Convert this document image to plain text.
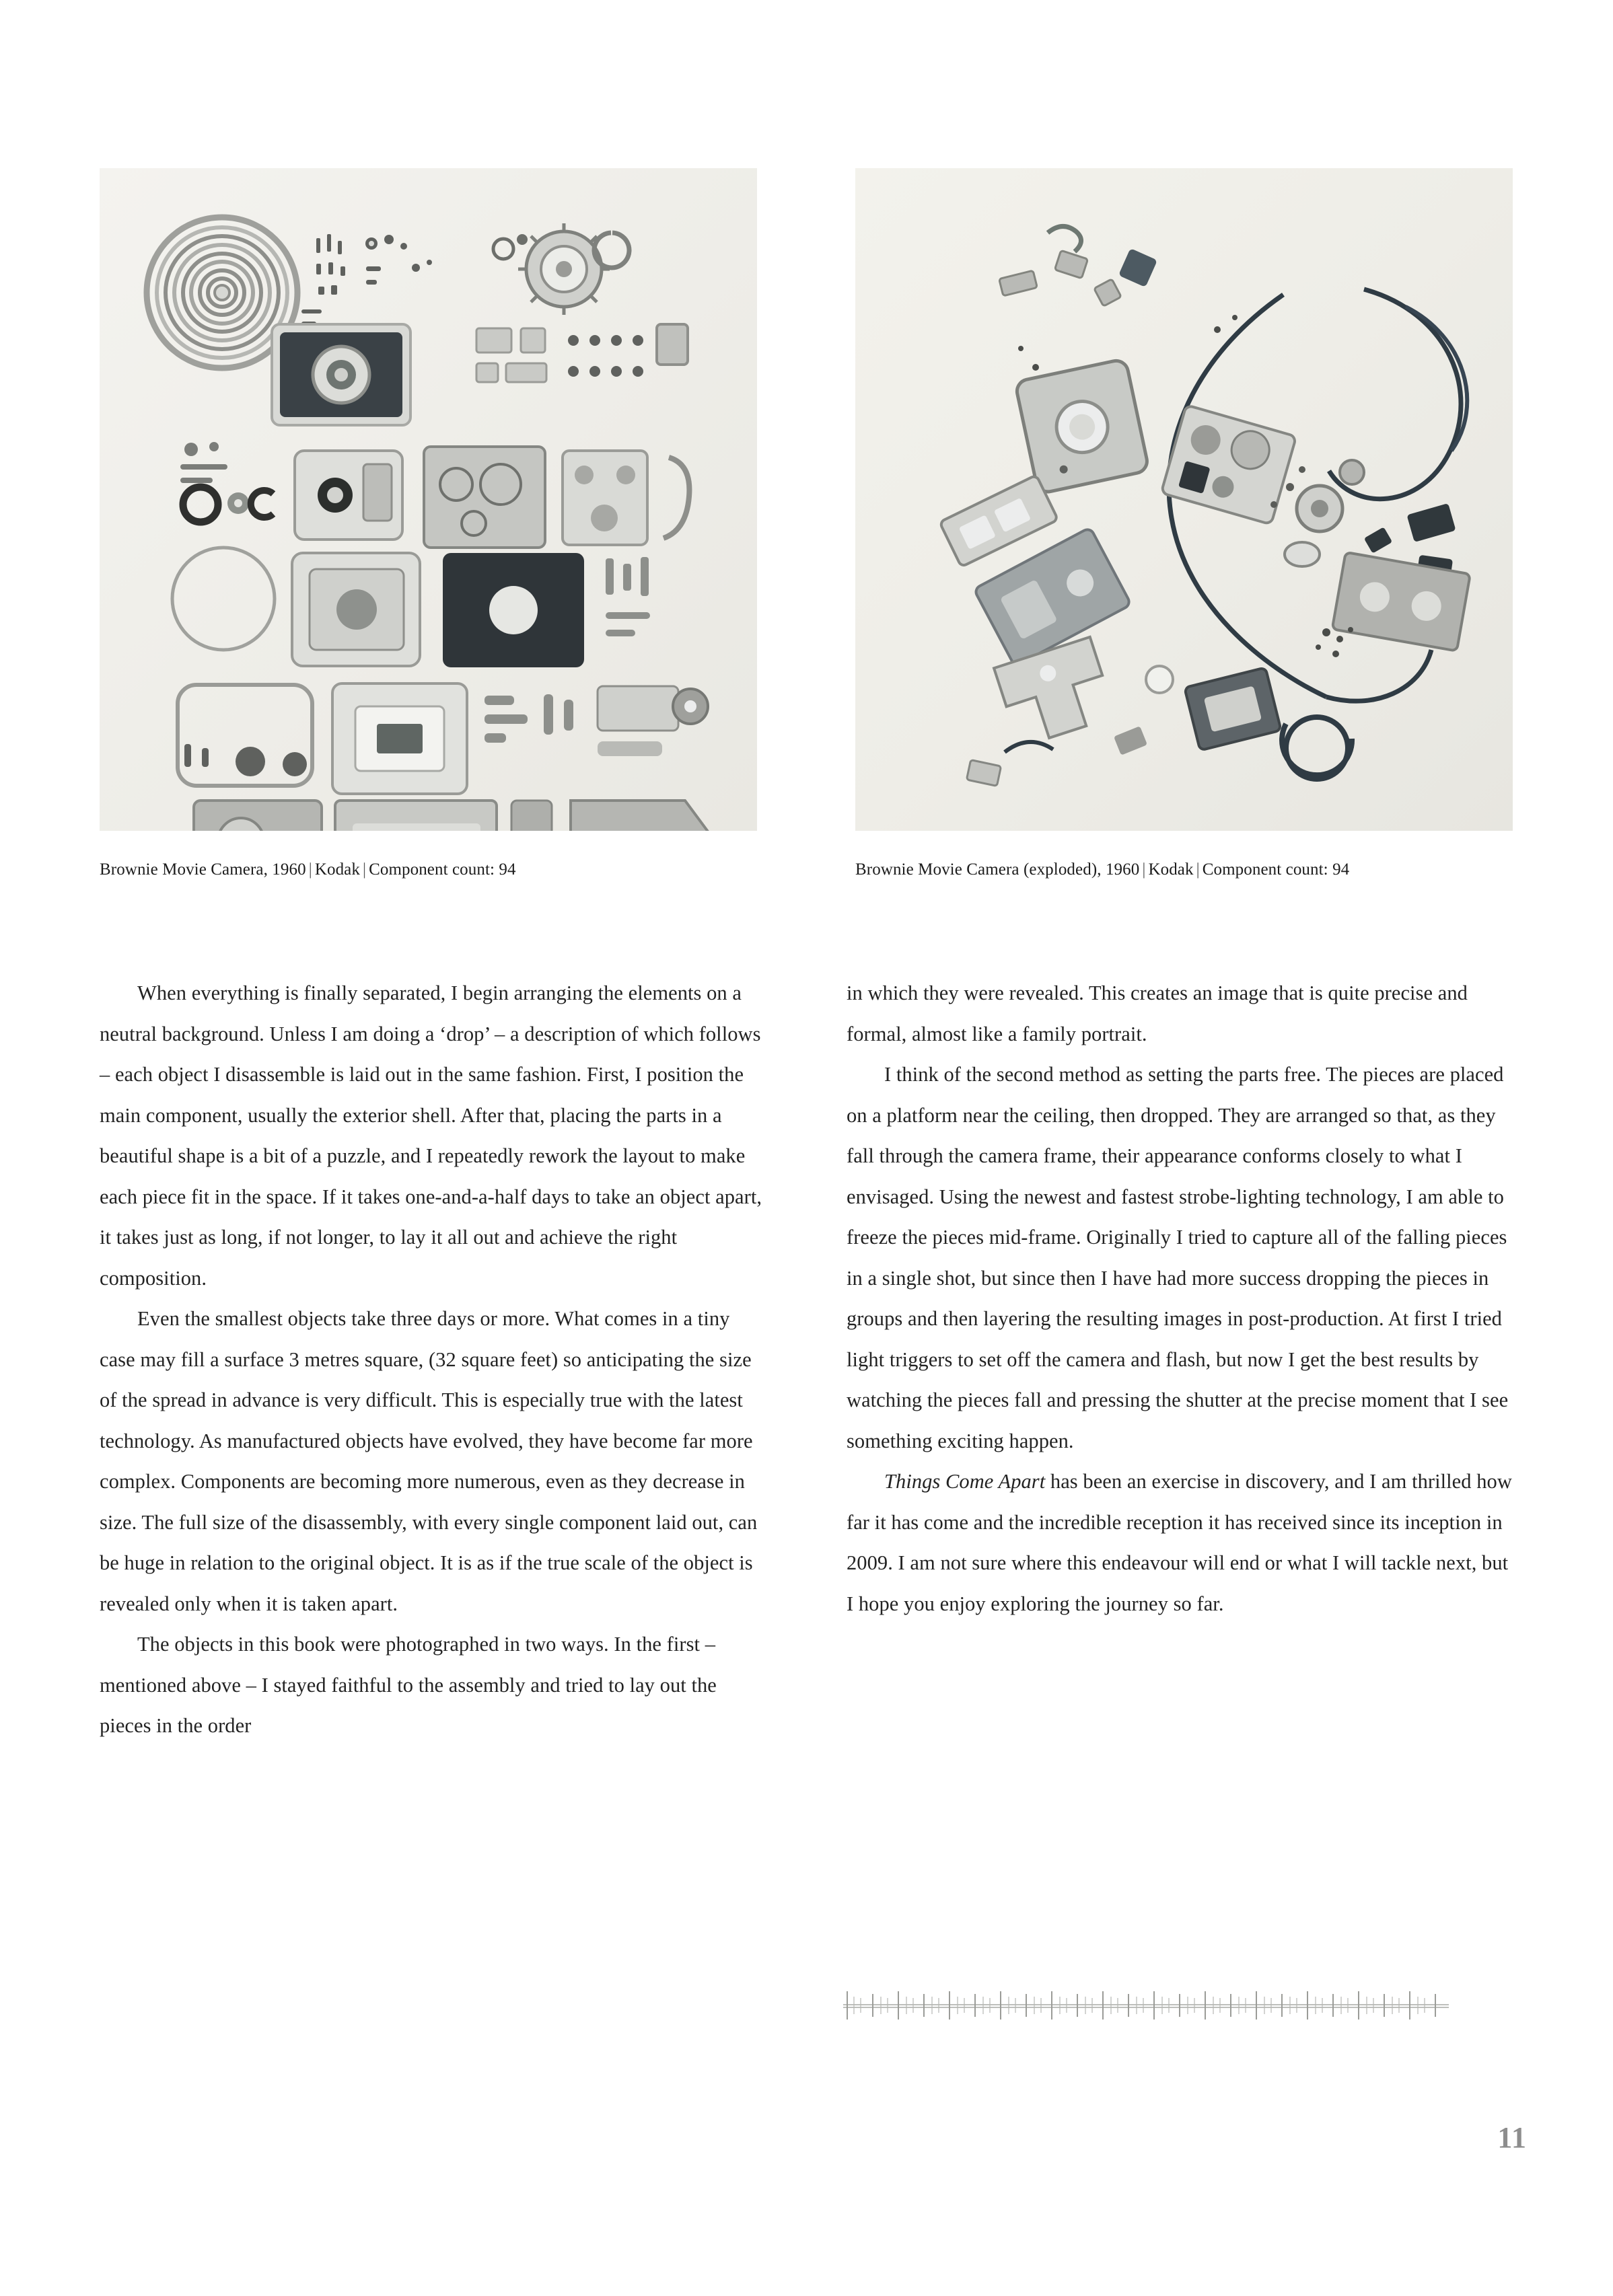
Brownie Movie Camera, 1960 | Kodak | Component count: 94	Brownie Movie Camera (exploded), 1960 | Kodak | Component count: 94

When everything is finally separated, I begin arranging the elements on a neutral background. Unless I am doing a ‘drop’ – a description of which follows – each object I disassemble is laid out in the same fashion. First, I position the main component, usually the exterior shell. After that, placing the parts in a beautiful shape is a bit of a puzzle, and I repeatedly rework the layout to make each piece fit in the space. If it takes one-and-a-half days to take an object apart, it takes just as long, if not longer, to lay it all out and achieve the right composition.

Even the smallest objects take three days or more. What comes in a tiny case may fill a surface 3 metres square, (32 square feet) so anticipating the size of the spread in advance is very difficult. This is especially true with the latest technology. As manufactured objects have evolved, they have become far more complex. Components are becoming more numerous, even as they decrease in size. The full size of the disassembly, with every single component laid out, can be huge in relation to the original object. It is as if the true scale of the object is revealed only when it is taken apart.

The objects in this book were photographed in two ways. In the first – mentioned above – I stayed faithful to the assembly and tried to lay out the pieces in the order

in which they were revealed. This creates an image that is quite precise and formal, almost like a family portrait.

I think of the second method as setting the parts free. The pieces are placed on a platform near the ceiling, then dropped. They are arranged so that, as they fall through the camera frame, their appearance conforms closely to what I envisaged. Using the newest and fastest strobe-lighting technology, I am able to freeze the pieces mid-frame. Originally I tried to capture all of the falling pieces in a single shot, but since then I have had more success dropping the pieces in groups and then layering the resulting images in post-production. At first I tried light triggers to set off the camera and flash, but now I get the best results by watching the pieces fall and pressing the shutter at the precise moment that I see something exciting happen.

Things Come Apart has been an exercise in discovery, and I am thrilled how far it has come and the incredible reception it has received since its inception in 2009. I am not sure where this endeavour will end or what I will tackle next, but I hope you enjoy exploring the journey so far.

11
